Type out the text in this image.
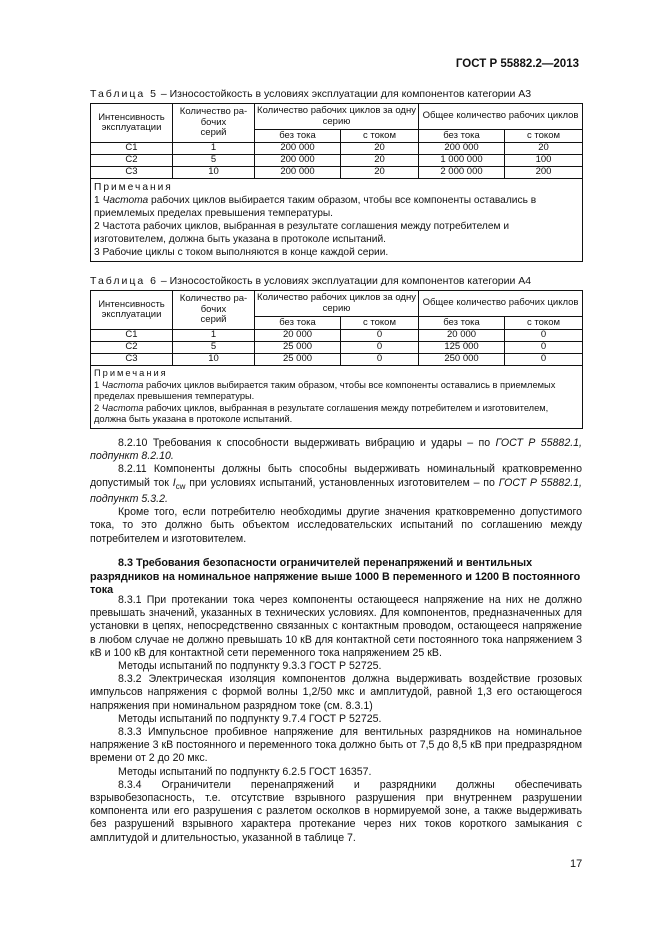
ГОСТ Р 55882.2—2013
Таблица 5 – Износостойкость в условиях эксплуатации для компонентов категории А3
Интенсивность эксплуатации	Количество ра-
бочих
серий	Количество рабочих циклов за одну серию		Общее количество рабочих циклов	
		без тока	с током	без тока	с током
С1	1	200 000	20	200 000	20
С2	5	200 000	20	1 000 000	100
С3	10	200 000	20	2 000 000	200

Примечания
1 Частота рабочих циклов выбирается таким образом, чтобы все компоненты оставались в приемлемых пределах превышения температуры.
2 Частота рабочих циклов, выбранная в результате соглашения между потребителем и изготовителем, должна быть указана в протоколе испытаний.
3 Рабочие циклы с током выполняются в конце каждой серии.					
Таблица 6 – Износостойкость в условиях эксплуатации для компонентов категории А4
Интенсивность эксплуатации	Количество ра-
бочих
серий	Количество рабочих циклов за одну серию		Общее количество рабочих циклов	
		без тока	с током	без тока	с током
С1	1	20 000	0	20 000	0
С2	5	25 000	0	125 000	0
С3	10	25 000	0	250 000	0

Примечания
1 Частота рабочих циклов выбирается таким образом, чтобы все компоненты оставались в приемлемых пределах превышения температуры.
2 Частота рабочих циклов, выбранная в результате соглашения между потребителем и изготовителем, должна быть указана в протоколе испытаний.					

8.2.10 Требования к способности выдерживать вибрацию и удары – по ГОСТ Р 55882.1, подпункт 8.2.10.

8.2.11 Компоненты должны быть способны выдерживать номинальный кратковременно допустимый ток $I_{cw}$ при условиях испытаний, установленных изготовителем – по ГОСТ Р 55882.1, подпункт 5.3.2.

Кроме того, если потребителю необходимы другие значения кратковременно допустимого тока, то это должно быть объектом исследовательских испытаний по соглашению между потребителем и изготовителем.

8.3 Требования безопасности ограничителей перенапряжений и вентильных разрядников на номинальное напряжение выше 1000 В переменного и 1200 В постоянного тока

8.3.1 При протекании тока через компоненты остающееся напряжение на них не должно превышать значений, указанных в технических условиях. Для компонентов, предназначенных для установки в цепях, непосредственно связанных с контактным проводом, остающееся напряжение в любом случае не должно превышать 10 кВ для контактной сети постоянного тока напряжением 3 кВ и 100 кВ для контактной сети переменного тока напряжением 25 кВ.

Методы испытаний по подпункту 9.3.3 ГОСТ Р 52725.

8.3.2 Электрическая изоляция компонентов должна выдерживать воздействие грозовых импульсов напряжения с формой волны 1,2/50 мкс и амплитудой, равной 1,3 его остающегося напряжения при номинальном разрядном токе (см. 8.3.1)

Методы испытаний по подпункту 9.7.4 ГОСТ Р 52725.

8.3.3 Импульсное пробивное напряжение для вентильных разрядников на номинальное напряжение 3 кВ постоянного и переменного тока должно быть от 7,5 до 8,5 кВ при предразрядном времени от 2 до 20 мкс.

Методы испытаний по подпункту 6.2.5 ГОСТ 16357.

8.3.4 Ограничители перенапряжений и разрядники должны обеспечивать взрывобезопасность, т.е. отсутствие взрывного разрушения при внутреннем разрушении компонента или его разрушения с разлетом осколков в нормируемой зоне, а также выдерживать без разрушений взрывного характера протекание через них токов короткого замыкания с амплитудой и длительностью, указанной в таблице 7.

17
